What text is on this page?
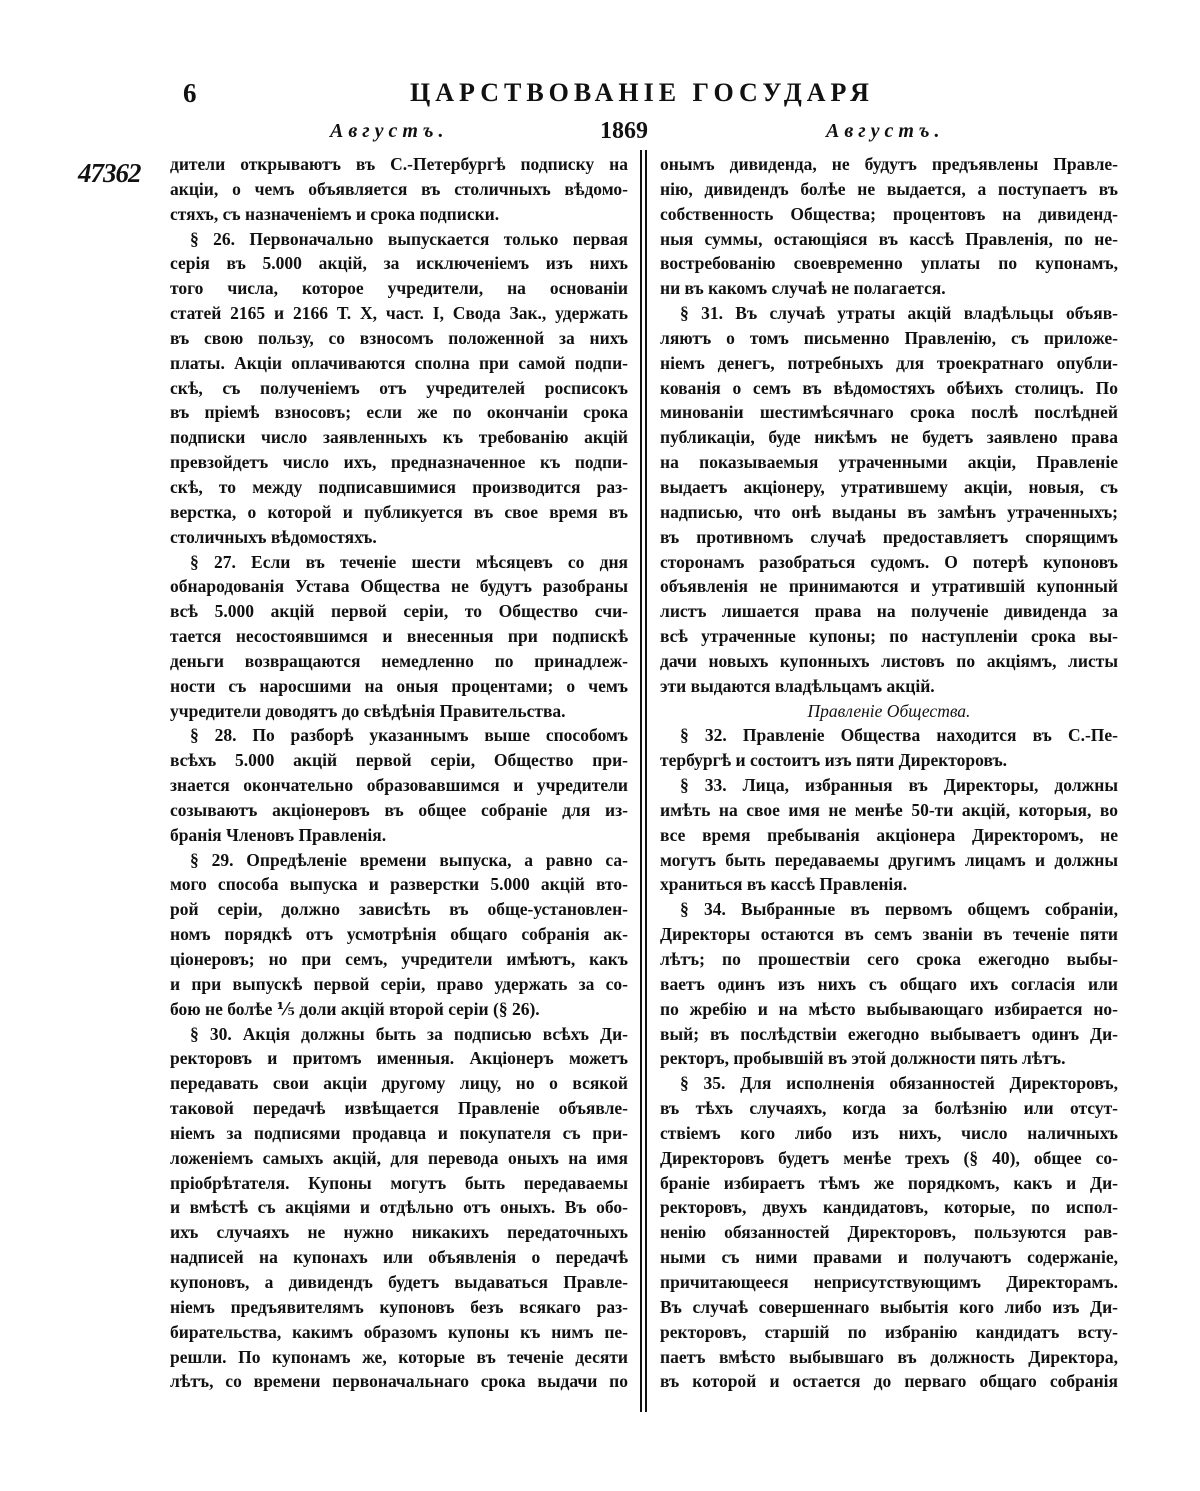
6	ЦАРСТВОВАНІЕ ГОСУДАРЯ
Августъ.	1869	Августъ.
47362 дители открываютъ въ С.-Петербургѣ подписку на
акціи, о чемъ объявляется въ столичныхъ вѣдомо-
стяхъ, съ назначеніемъ и срока подписки.
§ 26. Первоначально выпускается только первая
серія въ 5.000 акцій, за исключеніемъ изъ нихъ
того числа, которое учредители, на основаніи
статей 2165 и 2166 Т. X, част. I, Свода Зак., удержать
въ свою пользу, со взносомъ положенной за нихъ
платы. Акціи оплачиваются сполна при самой подпи-
скѣ, съ полученіемъ отъ учредителей росписокъ
въ пріемѣ взносовъ; если же по окончаніи срока
подписки число заявленныхъ къ требованію акцій
превзойдетъ число ихъ, предназначенное къ подпи-
скѣ, то между подписавшимися производится раз-
верстка, о которой и публикуется въ свое время въ
столичныхъ вѣдомостяхъ.
§ 27. Если въ теченіе шести мѣсяцевъ со дня
обнародованія Устава Общества не будутъ разобраны
всѣ 5.000 акцій первой серіи, то Общество счи-
тается несостоявшимся и внесенныя при подпискѣ
деньги возвращаются немедленно по принадлеж-
ности съ наросшими на оныя процентами; о чемъ
учредители доводятъ до свѣдѣнія Правительства.
§ 28. По разборѣ указаннымъ выше способомъ
всѣхъ 5.000 акцій первой серіи, Общество при-
знается окончательно образовавшимся и учредители
созываютъ акціонеровъ въ общее собраніе для из-
бранія Членовъ Правленія.
§ 29. Опредѣленіе времени выпуска, а равно са-
мого способа выпуска и разверстки 5.000 акцій вто-
рой серіи, должно зависѣть въ обще-установлен-
номъ порядкѣ отъ усмотрѣнія общаго собранія ак-
ціонеровъ; но при семъ, учредители имѣютъ, какъ
и при выпускѣ первой серіи, право удержать за со-
бою не болѣе ⅕ доли акцій второй серіи (§ 26).
§ 30. Акція должны быть за подписью всѣхъ Ди-
ректоровъ и притомъ именныя. Акціонеръ можетъ
передавать свои акціи другому лицу, но о всякой
таковой передачѣ извѣщается Правленіе объявле-
ніемъ за подписями продавца и покупателя съ при-
ложеніемъ самыхъ акцій, для перевода оныхъ на имя
пріобрѣтателя. Купоны могутъ быть передаваемы
и вмѣстѣ съ акціями и отдѣльно отъ оныхъ. Въ обо-
ихъ случаяхъ не нужно никакихъ передаточныхъ
надписей на купонахъ или объявленія о передачѣ
купоновъ, а дивидендъ будетъ выдаваться Правле-
ніемъ предъявителямъ купоновъ безъ всякаго раз-
бирательства, какимъ образомъ купоны къ нимъ пе-
решли. По купонамъ же, которые въ теченіе десяти
лѣтъ, со времени первоначальнаго срока выдачи по
онымъ дивиденда, не будутъ предъявлены Правле-
нію, дивидендъ болѣе не выдается, а поступаетъ въ
собственность Общества; процентовъ на дивиденд-
ныя суммы, остающіяся въ кассѣ Правленія, по не-
востребованію своевременно уплаты по купонамъ,
ни въ какомъ случаѣ не полагается.
§ 31. Въ случаѣ утраты акцій владѣльцы объяв-
ляютъ о томъ письменно Правленію, съ приложе-
ніемъ денегъ, потребныхъ для троекратнаго опубли-
кованія о семъ въ вѣдомостяхъ обѣихъ столицъ. По
минованіи шестимѣсячнаго срока послѣ послѣдней
публикаціи, буде никѣмъ не будетъ заявлено права
на показываемыя утраченными акціи, Правленіе
выдаетъ акціонеру, утратившему акціи, новыя, съ
надписью, что онѣ выданы въ замѣнъ утраченныхъ;
въ противномъ случаѣ предоставляетъ спорящимъ
сторонамъ разобраться судомъ. О потерѣ купоновъ
объявленія не принимаются и утратившій купонный
листъ лишается права на полученіе дивиденда за
всѣ утраченные купоны; по наступленіи срока вы-
дачи новыхъ купонныхъ листовъ по акціямъ, листы
эти выдаются владѣльцамъ акцій.
Правленіе Общества.
§ 32. Правленіе Общества находится въ С.-Пе-
тербургѣ и состоитъ изъ пяти Директоровъ.
§ 33. Лица, избранныя въ Директоры, должны
имѣть на свое имя не менѣе 50-ти акцій, которыя, во
все время пребыванія акціонера Директоромъ, не
могутъ быть передаваемы другимъ лицамъ и должны
храниться въ кассѣ Правленія.
§ 34. Выбранные въ первомъ общемъ собраніи,
Директоры остаются въ семъ званіи въ теченіе пяти
лѣтъ; по прошествіи сего срока ежегодно выбы-
ваетъ одинъ изъ нихъ съ общаго ихъ согласія или
по жребію и на мѣсто выбывающаго избирается но-
вый; въ послѣдствіи ежегодно выбываетъ одинъ Ди-
ректоръ, пробывшій въ этой должности пять лѣтъ.
§ 35. Для исполненія обязанностей Директоровъ,
въ тѣхъ случаяхъ, когда за болѣзнію или отсут-
ствіемъ кого либо изъ нихъ, число наличныхъ
Директоровъ будетъ менѣе трехъ (§ 40), общее со-
браніе избираетъ тѣмъ же порядкомъ, какъ и Ди-
ректоровъ, двухъ кандидатовъ, которые, по испол-
ненію обязанностей Директоровъ, пользуются рав-
ными съ ними правами и получаютъ содержаніе,
причитающееся неприсутствующимъ Директорамъ.
Въ случаѣ совершеннаго выбытія кого либо изъ Ди-
ректоровъ, старшій по избранію кандидатъ всту-
паетъ вмѣсто выбывшаго въ должность Директора,
въ которой и остается до перваго общаго собранія
